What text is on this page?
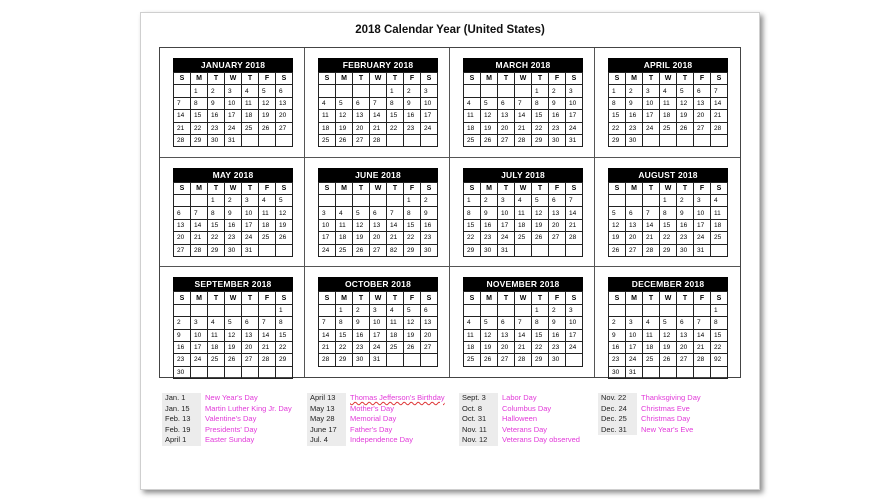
2018 Calendar Year (United States)
JANUARY 2018
S	M	T	W	T	F	S
	1	2	3	4	5	6
7	8	9	10	11	12	13
14	15	16	17	18	19	20
21	22	23	24	25	26	27
28	29	30	31			
FEBRUARY 2018
S	M	T	W	T	F	S
				1	2	3
4	5	6	7	8	9	10
11	12	13	14	15	16	17
18	19	20	21	22	23	24
25	26	27	28			
MARCH 2018
S	M	T	W	T	F	S
				1	2	3
4	5	6	7	8	9	10
11	12	13	14	15	16	17
18	19	20	21	22	23	24
25	26	27	28	29	30	31
APRIL 2018
S	M	T	W	T	F	S
1	2	3	4	5	6	7
8	9	10	11	12	13	14
15	16	17	18	19	20	21
22	23	24	25	26	27	28
29	30					
MAY 2018
S	M	T	W	T	F	S
		1	2	3	4	5
6	7	8	9	10	11	12
13	14	15	16	17	18	19
20	21	22	23	24	25	26
27	28	29	30	31		
JUNE 2018
S	M	T	W	T	F	S
					1	2
3	4	5	6	7	8	9
10	11	12	13	14	15	16
17	18	19	20	21	22	23
24	25	26	27	82	29	30
JULY 2018
S	M	T	W	T	F	S
1	2	3	4	5	6	7
8	9	10	11	12	13	14
15	16	17	18	19	20	21
22	23	24	25	26	27	28
29	30	31				
AUGUST 2018
S	M	T	W	T	F	S
			1	2	3	4
5	6	7	8	9	10	11
12	13	14	15	16	17	18
19	20	21	22	23	24	25
26	27	28	29	30	31	
SEPTEMBER 2018
S	M	T	W	T	F	S
						1
2	3	4	5	6	7	8
9	10	11	12	13	14	15
16	17	18	19	20	21	22
23	24	25	26	27	28	29
30						
OCTOBER 2018
S	M	T	W	T	F	S
	1	2	3	4	5	6
7	8	9	10	11	12	13
14	15	16	17	18	19	20
21	22	23	24	25	26	27
28	29	30	31			
NOVEMBER 2018
S	M	T	W	T	F	S
				1	2	3
4	5	6	7	8	9	10
11	12	13	14	15	16	17
18	19	20	21	22	23	24
25	26	27	28	29	30	
DECEMBER 2018
S	M	T	W	T	F	S
						1
2	3	4	5	6	7	8
9	10	11	12	13	14	15
16	17	18	19	20	21	22
23	24	25	26	27	28	92
30	31					
Jan. 1	New Year's Day
Jan. 15	Martin Luther King Jr. Day
Feb. 13	Valentine's Day
Feb. 19	Presidents' Day
April 1	Easter Sunday
April 13	Thomas Jefferson's Birthday
May 13	Mother's Day
May 28	Memorial Day
June 17	Father's Day
Jul. 4	Independence Day
Sept. 3	Labor Day
Oct. 8	Columbus Day
Oct. 31	Halloween
Nov. 11	Veterans Day
Nov. 12	Veterans Day observed
Nov. 22	Thanksgiving Day
Dec. 24	Christmas Eve
Dec. 25	Christmas Day
Dec. 31	New Year's Eve
